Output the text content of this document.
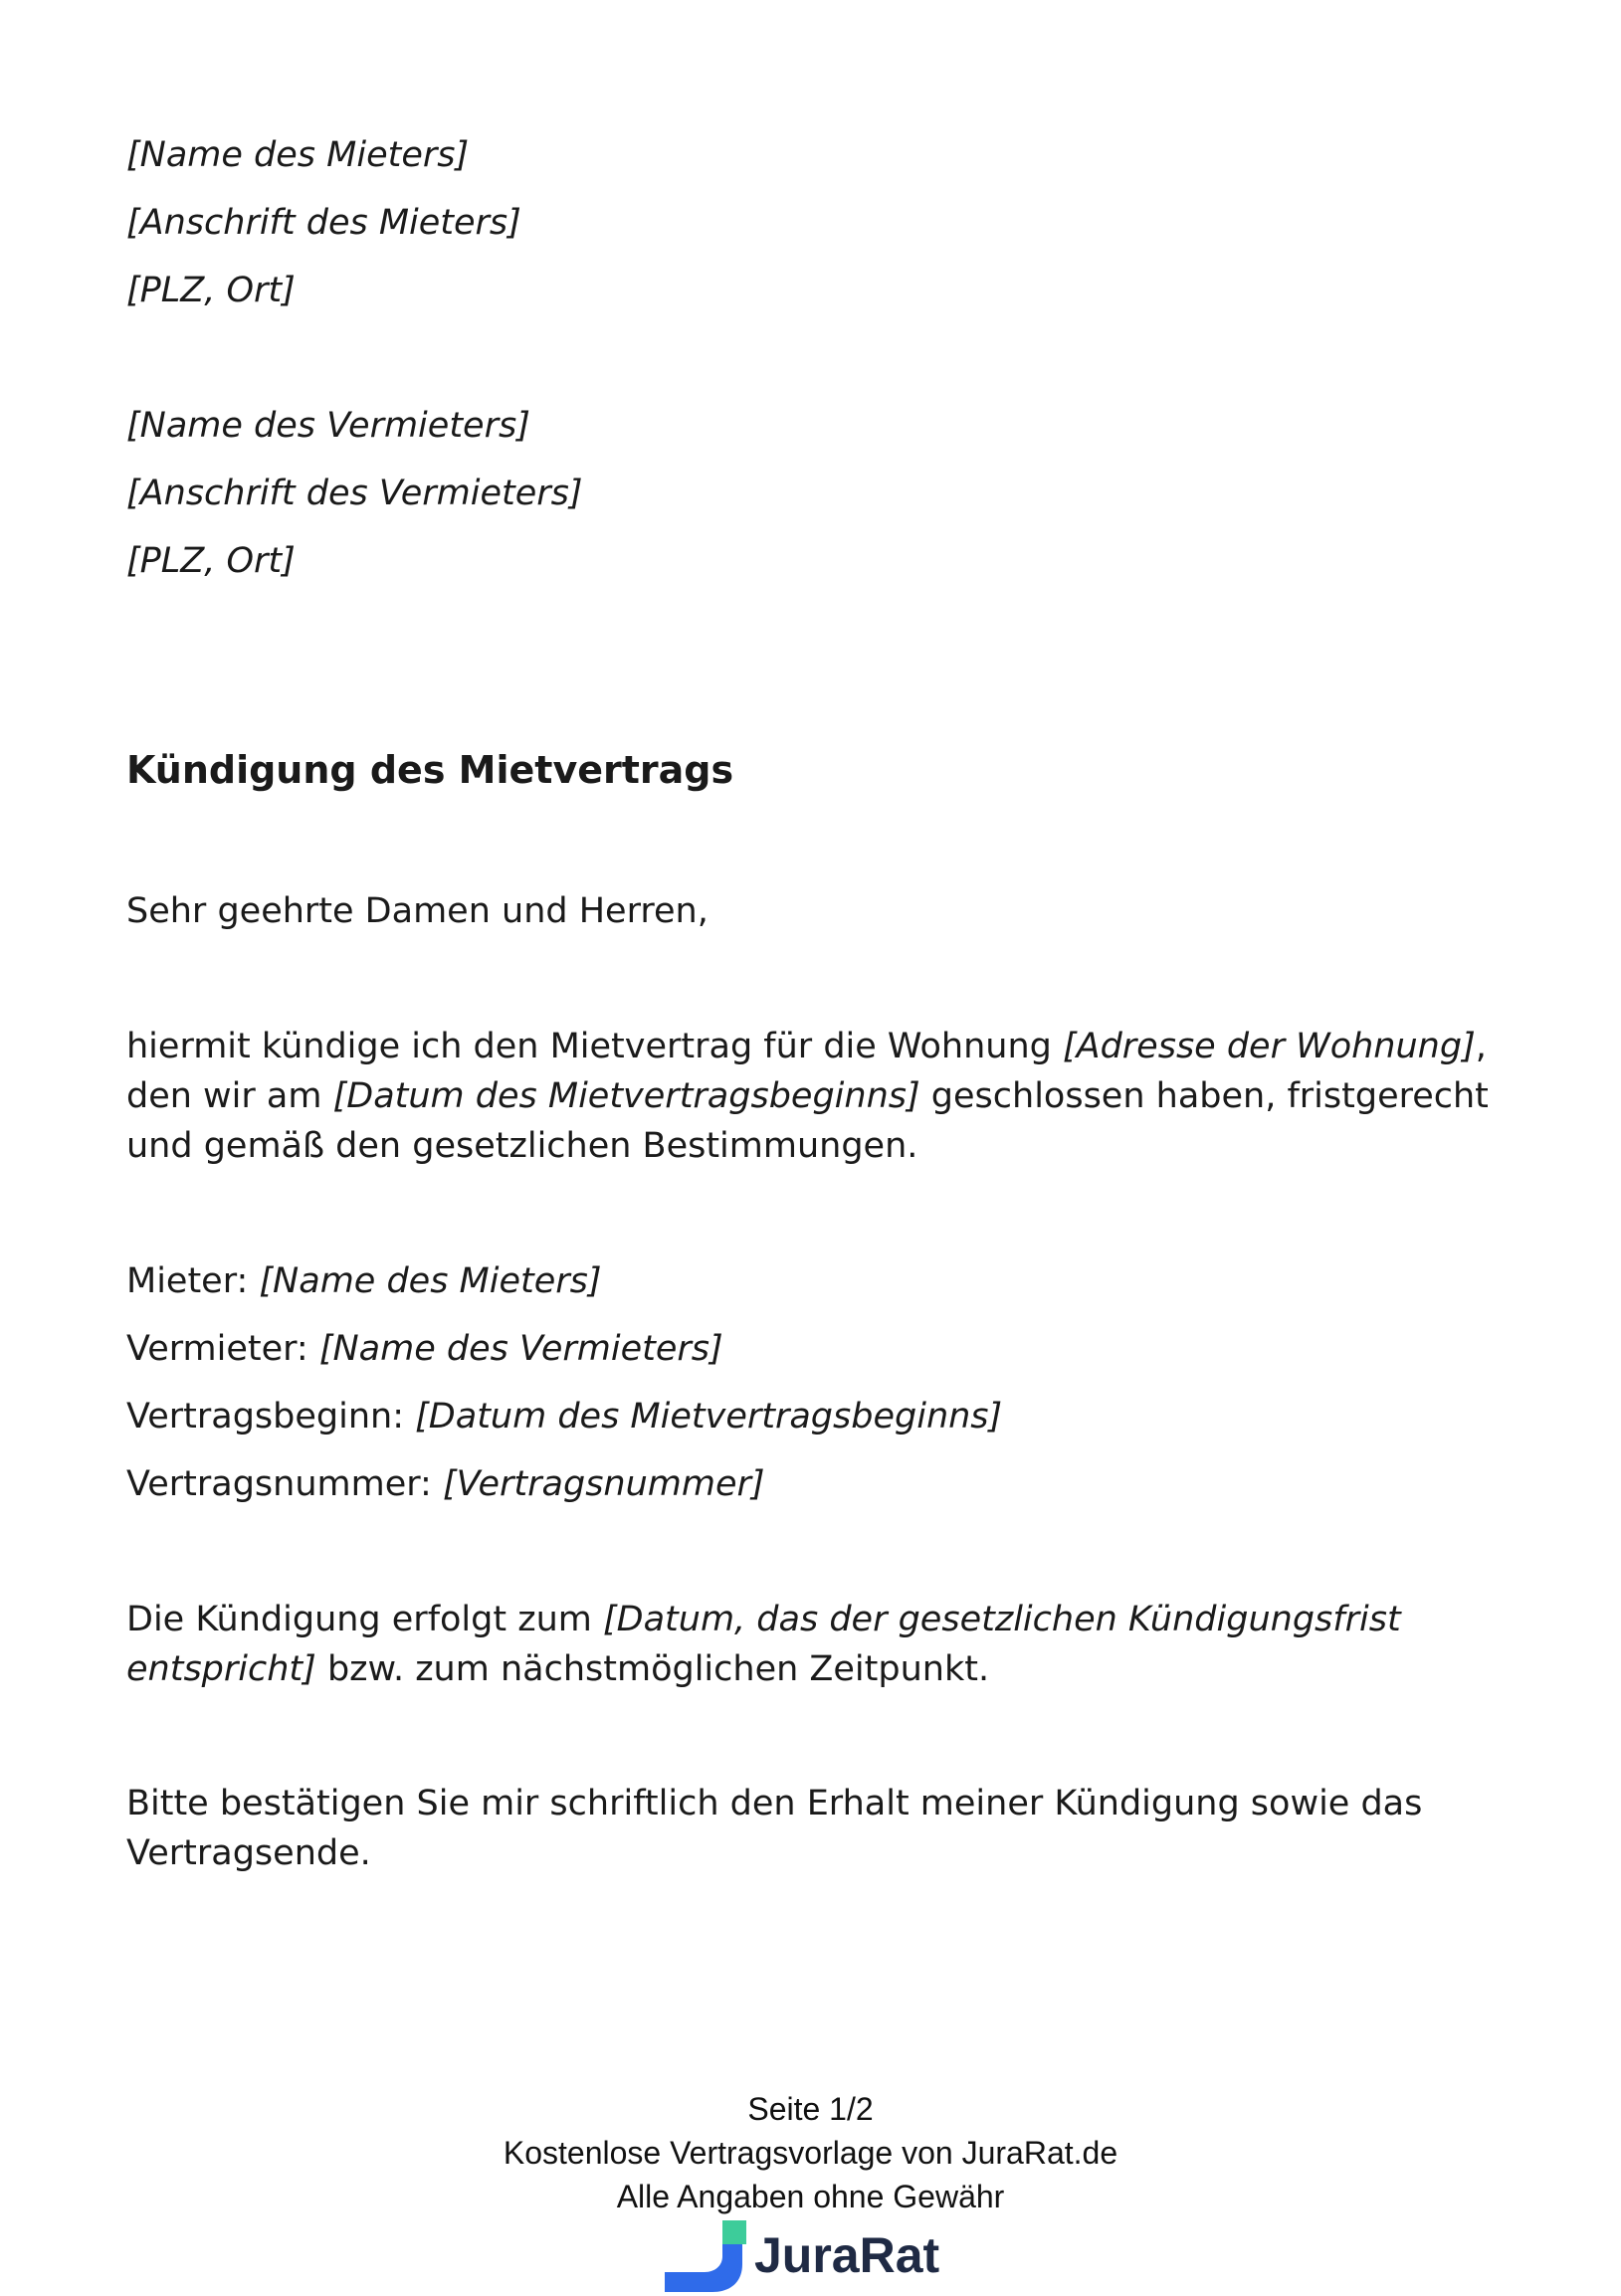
[Name des Mieters]
[Anschrift des Mieters]
[PLZ, Ort]
[Name des Vermieters]
[Anschrift des Vermieters]
[PLZ, Ort]
Kündigung des Mietvertrags
Sehr geehrte Damen und Herren,
hiermit kündige ich den Mietvertrag für die Wohnung [Adresse der Wohnung], den wir am [Datum des Mietvertragsbeginns] geschlossen haben, fristgerecht und gemäß den gesetzlichen Bestimmungen.
Mieter: [Name des Mieters]
Vermieter: [Name des Vermieters]
Vertragsbeginn: [Datum des Mietvertragsbeginns]
Vertragsnummer: [Vertragsnummer]
Die Kündigung erfolgt zum [Datum, das der gesetzlichen Kündigungsfrist entspricht] bzw. zum nächstmöglichen Zeitpunkt.
Bitte bestätigen Sie mir schriftlich den Erhalt meiner Kündigung sowie das Vertragsende.
Seite 1/2
Kostenlose Vertragsvorlage von JuraRat.de
Alle Angaben ohne Gewähr
JuraRat
